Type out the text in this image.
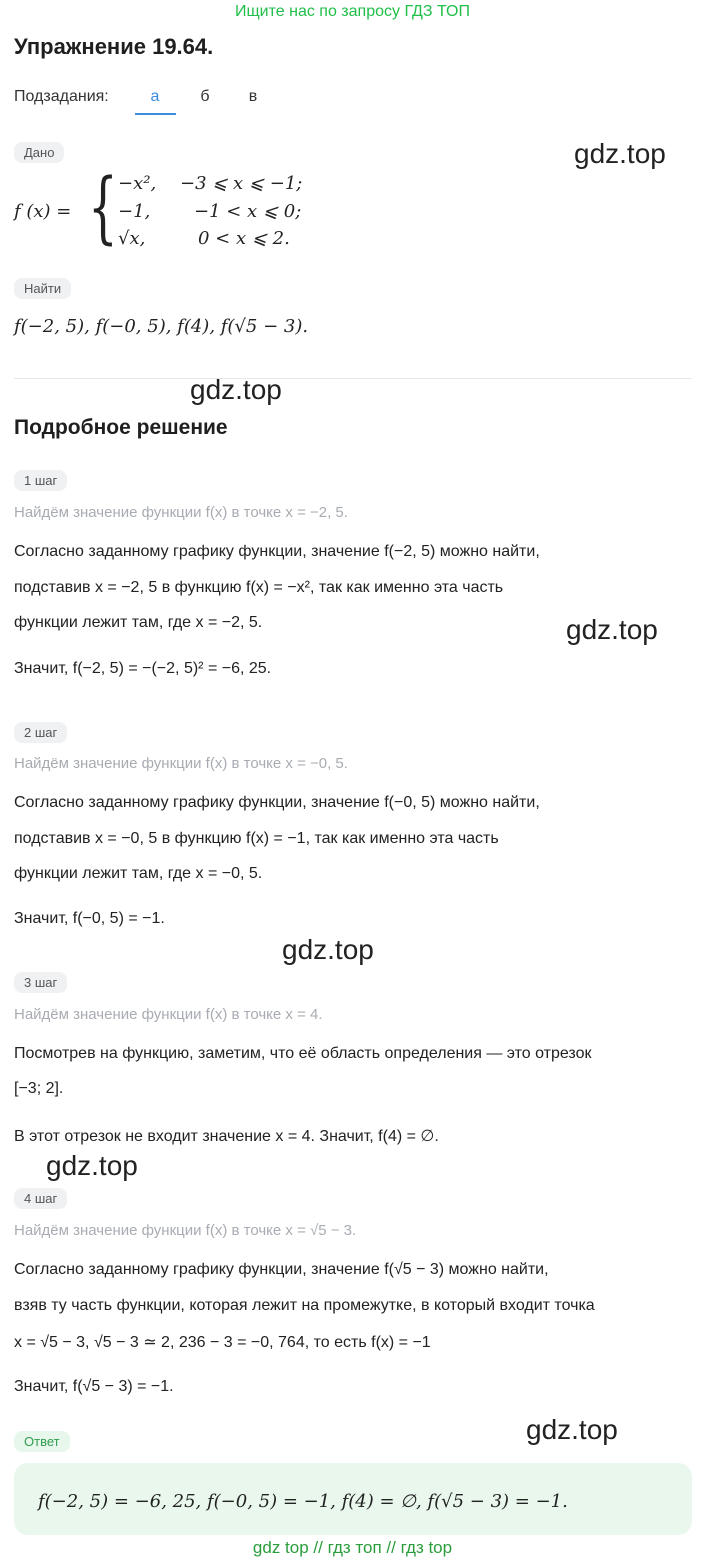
Ищите нас по запросу ГДЗ ТОП
Упражнение 19.64.
Подзадания:	а	б	в
Дано	gdz.top
f (x) = { −x², −3 ⩽ x ⩽ −1;
−1, −1 < x ⩽ 0;
√x,	0 < x ⩽ 2.
Найти
f(−2, 5), f(−0, 5), f(4), f(√5 − 3).
gdz.top
Подробное решение
1 шаг
Найдём значение функции f(x) в точке x = −2, 5.
Согласно заданному графику функции, значение f(−2, 5) можно найти,
подставив x = −2, 5 в функцию f(x) = −x², так как именно эта часть
функции лежит там, где x = −2, 5.	gdz.top
Значит, f(−2, 5) = −(−2, 5)² = −6, 25.
2 шаг
Найдём значение функции f(x) в точке x = −0, 5.
Согласно заданному графику функции, значение f(−0, 5) можно найти,
подставив x = −0, 5 в функцию f(x) = −1, так как именно эта часть
функции лежит там, где x = −0, 5.
Значит, f(−0, 5) = −1.
gdz.top
3 шаг
Найдём значение функции f(x) в точке x = 4.
Посмотрев на функцию, заметим, что её область определения — это отрезок
[−3; 2].
В этот отрезок не входит значение x = 4. Значит, f(4) = ∅.
gdz.top
4 шаг
Найдём значение функции f(x) в точке x = √5 − 3.
Согласно заданному графику функции, значение f(√5 − 3) можно найти,
взяв ту часть функции, которая лежит на промежутке, в который входит точка
x = √5 − 3, √5 − 3 ≃ 2, 236 − 3 = −0, 764, то есть f(x) = −1
Значит, f(√5 − 3) = −1.
gdz.top
Ответ
f(−2, 5) = −6, 25, f(−0, 5) = −1, f(4) = ∅, f(√5 − 3) = −1.
gdz top // гдз топ // гдз top
